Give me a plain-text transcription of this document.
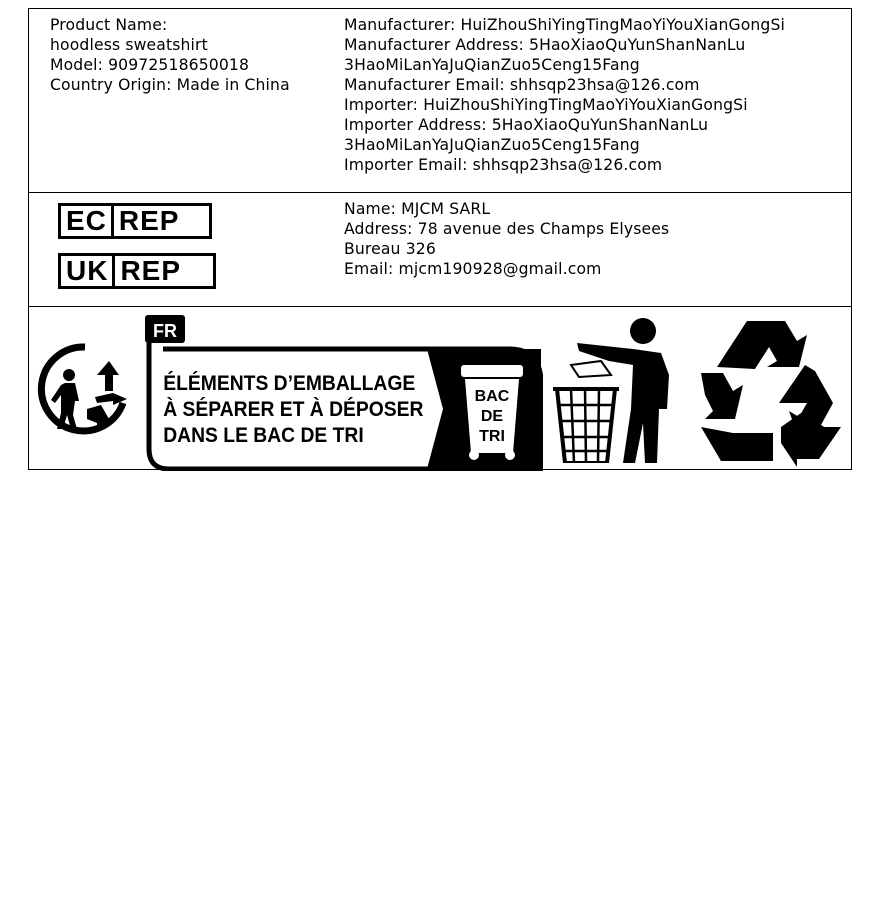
Product Name:
hoodless sweatshirt
Model: 90972518650018
Country Origin: Made in China
Manufacturer: HuiZhouShiYingTingMaoYiYouXianGongSi
Manufacturer Address: 5HaoXiaoQuYunShanNanLu
3HaoMiLanYaJuQianZuo5Ceng15Fang
Manufacturer Email: shhsqp23hsa@126.com
Importer: HuiZhouShiYingTingMaoYiYouXianGongSi
Importer Address: 5HaoXiaoQuYunShanNanLu
3HaoMiLanYaJuQianZuo5Ceng15Fang
Importer Email: shhsqp23hsa@126.com
EC REP
UK REP
Name: MJCM SARL
Address: 78 avenue des Champs Elysees
Bureau 326
Email: mjcm190928@gmail.com
FR
ÉLÉMENTS D’EMBALLAGE
À SÉPARER ET À DÉPOSER
DANS LE BAC DE TRI
BAC
DE
TRI
